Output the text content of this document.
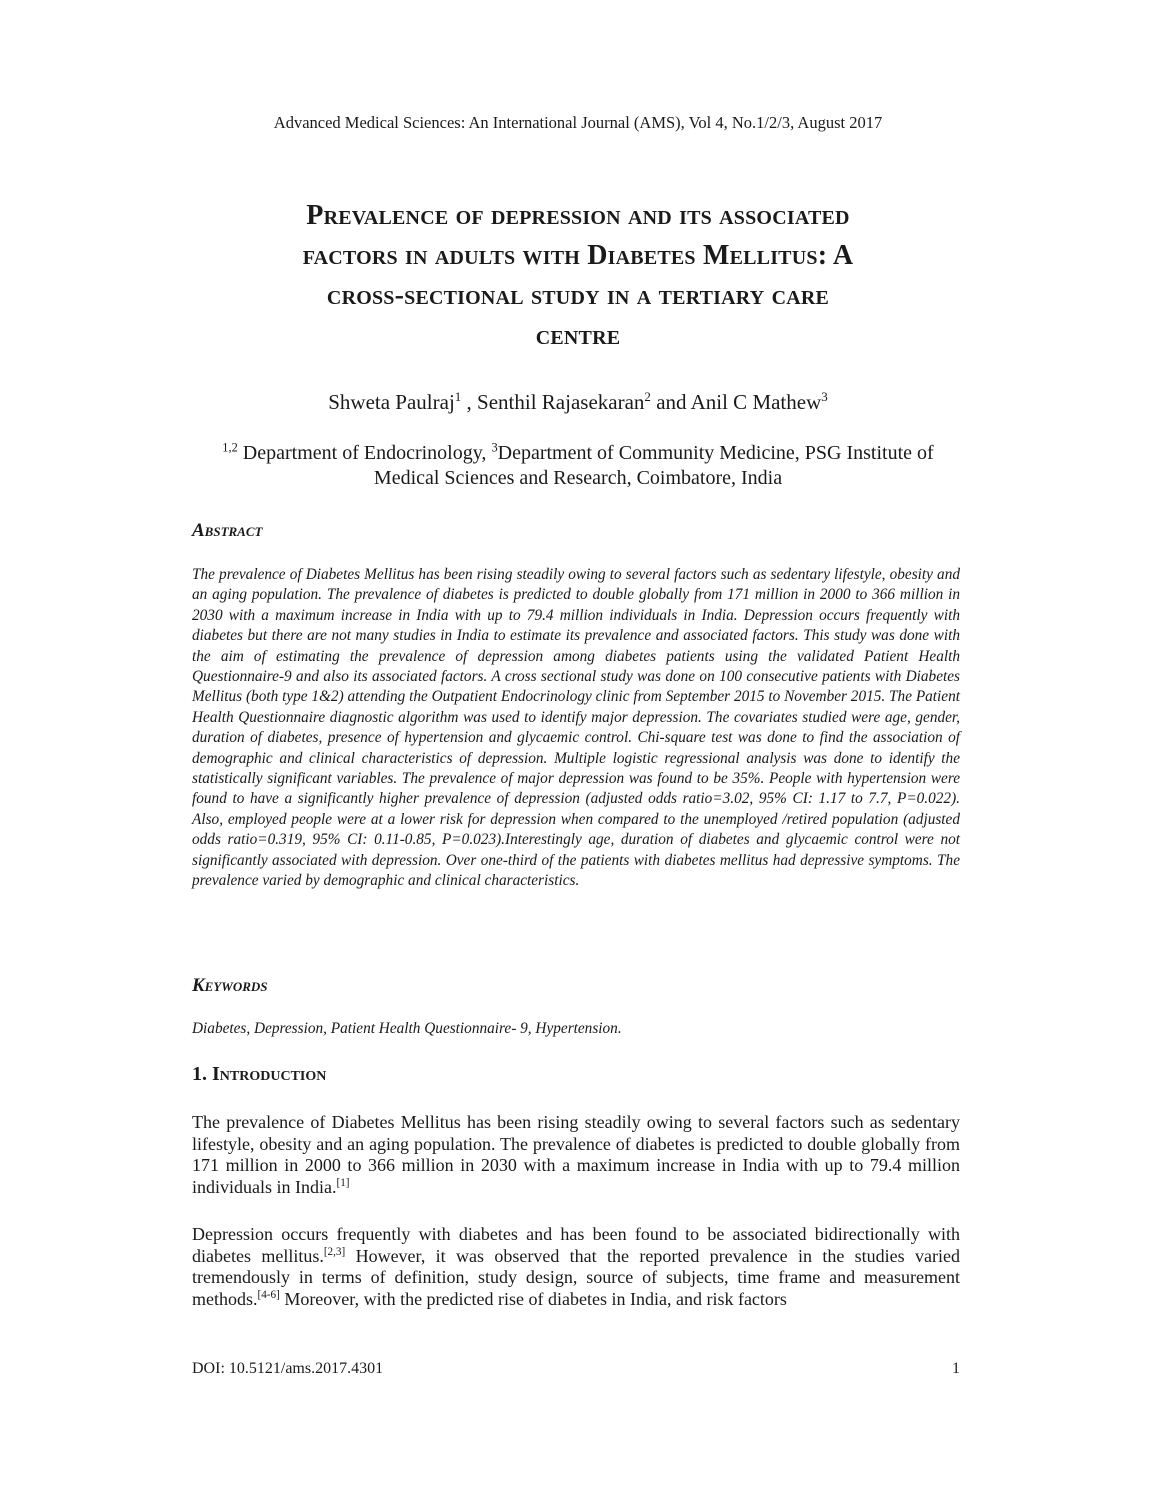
Advanced Medical Sciences: An International Journal (AMS), Vol 4, No.1/2/3, August 2017
Prevalence of depression and its associated
factors in adults with Diabetes Mellitus: A
cross-sectional study in a tertiary care
centre
Shweta Paulraj$^1$ , Senthil Rajasekaran$^2$ and Anil C Mathew$^3$
$^{1,2}$ Department of Endocrinology, $^3$Department of Community Medicine, PSG Institute of Medical Sciences and Research, Coimbatore, India
Abstract
The prevalence of Diabetes Mellitus has been rising steadily owing to several factors such as sedentary lifestyle, obesity and an aging population. The prevalence of diabetes is predicted to double globally from 171 million in 2000 to 366 million in 2030 with a maximum increase in India with up to 79.4 million individuals in India. Depression occurs frequently with diabetes but there are not many studies in India to estimate its prevalence and associated factors. This study was done with the aim of estimating the prevalence of depression among diabetes patients using the validated Patient Health Questionnaire-9 and also its associated factors. A cross sectional study was done on 100 consecutive patients with Diabetes Mellitus (both type 1&2) attending the Outpatient Endocrinology clinic from September 2015 to November 2015. The Patient Health Questionnaire diagnostic algorithm was used to identify major depression. The covariates studied were age, gender, duration of diabetes, presence of hypertension and glycaemic control. Chi-square test was done to find the association of demographic and clinical characteristics of depression. Multiple logistic regressional analysis was done to identify the statistically significant variables. The prevalence of major depression was found to be 35%. People with hypertension were found to have a significantly higher prevalence of depression (adjusted odds ratio=3.02, 95% CI: 1.17 to 7.7, P=0.022). Also, employed people were at a lower risk for depression when compared to the unemployed /retired population (adjusted odds ratio=0.319, 95% CI: 0.11-0.85, P=0.023).Interestingly age, duration of diabetes and glycaemic control were not significantly associated with depression. Over one-third of the patients with diabetes mellitus had depressive symptoms. The prevalence varied by demographic and clinical characteristics.
Keywords
Diabetes, Depression, Patient Health Questionnaire- 9, Hypertension.
1. Introduction
The prevalence of Diabetes Mellitus has been rising steadily owing to several factors such as sedentary lifestyle, obesity and an aging population. The prevalence of diabetes is predicted to double globally from 171 million in 2000 to 366 million in 2030 with a maximum increase in India with up to 79.4 million individuals in India.[1]
Depression occurs frequently with diabetes and has been found to be associated bidirectionally with diabetes mellitus.[2,3] However, it was observed that the reported prevalence in the studies varied tremendously in terms of definition, study design, source of subjects, time frame and measurement methods.[4-6] Moreover, with the predicted rise of diabetes in India, and risk factors
DOI: 10.5121/ams.2017.4301	1
